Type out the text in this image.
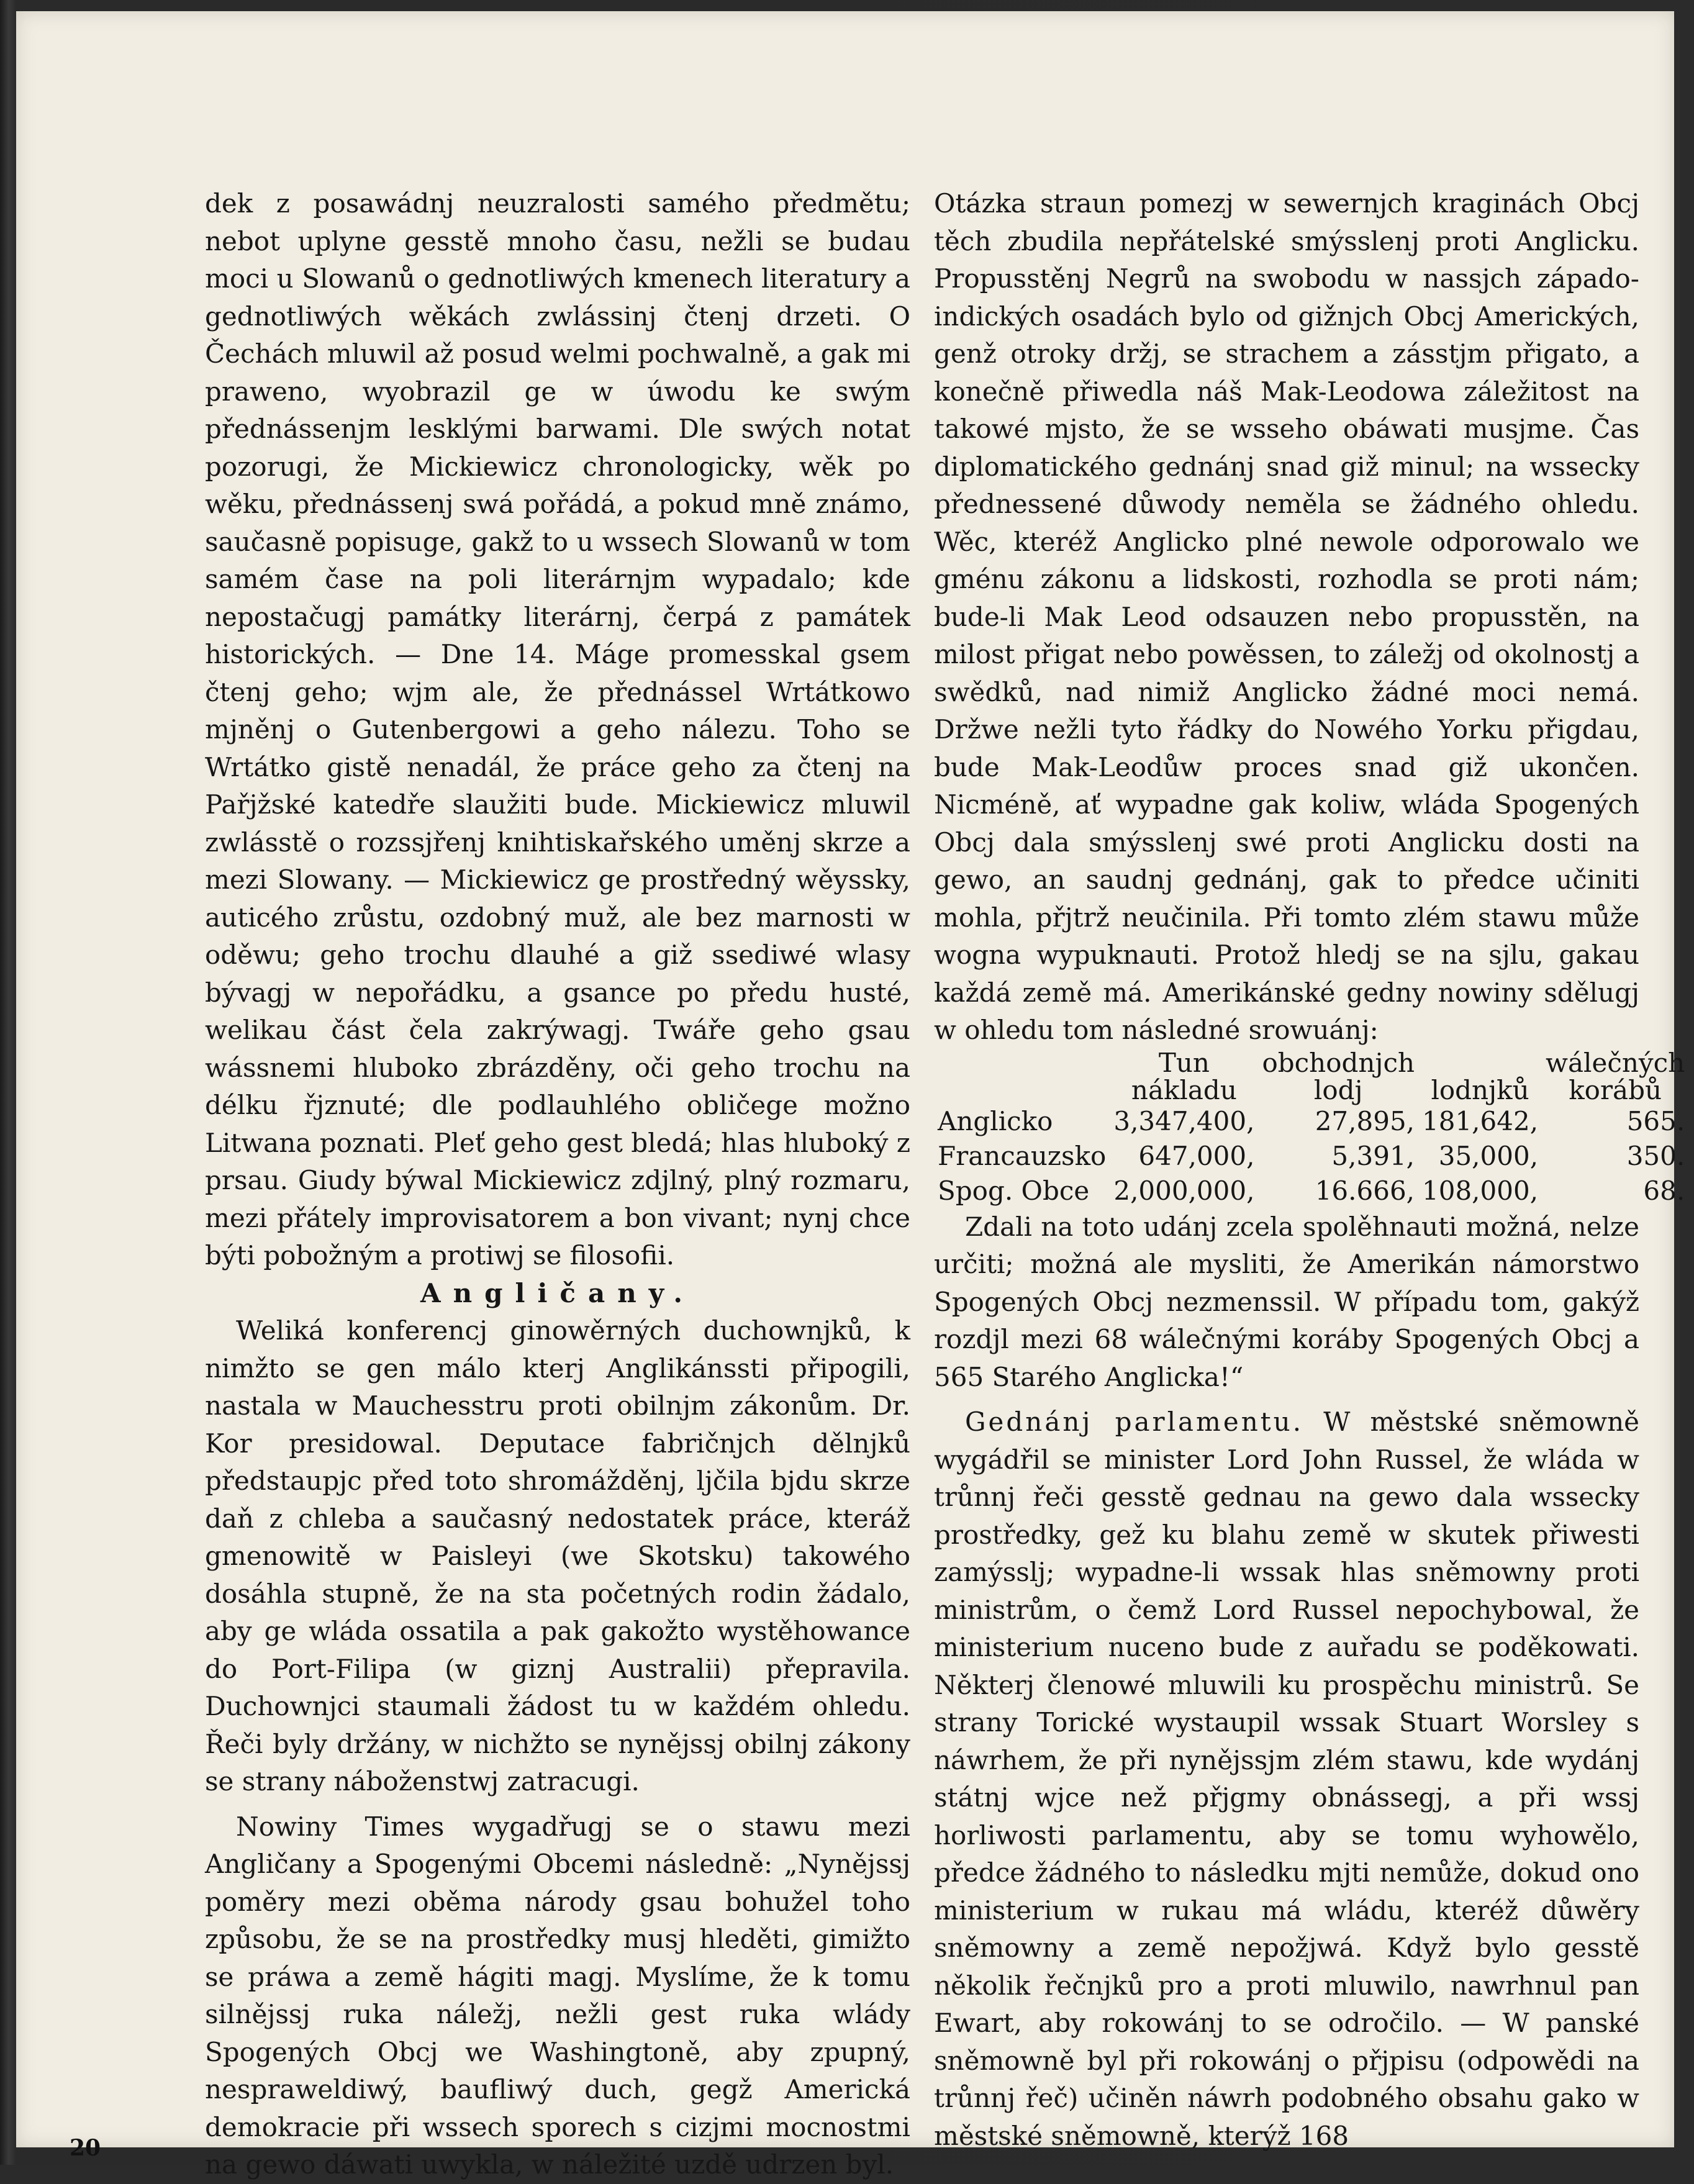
dek z posawádnj neuzralosti samého předmětu; nebot uplyne gesstě mnoho času, nežli se budau moci u Slowanů o gednotliwých kmenech literatury a gednotliwých wěkách zwlássinj čtenj drzeti. O Čechách mluwil až posud welmi pochwalně, a gak mi praweno, wyobrazil ge w úwodu ke swým přednássenjm lesklými barwami. Dle swých notat pozorugi, že Mickiewicz chronologicky, wěk po wěku, přednássenj swá pořádá, a pokud mně známo, saučasně popisuge, gakž to u wssech Slowanů w tom samém čase na poli literárnjm wypadalo; kde nepostačugj památky literárnj, čerpá z památek historických. — Dne 14. Máge promesskal gsem čtenj geho; wjm ale, že přednássel Wrtátkowo mjněnj o Gutenbergowi a geho nálezu. Toho se Wrtátko gistě nenadál, že práce geho za čtenj na Pařjžské katedře slaužiti bude. Mickiewicz mluwil zwlásstě o rozssjřenj knihtiskařského uměnj skrze a mezi Slowany. — Mickiewicz ge prostředný wěyssky, auticého zrůstu, ozdobný muž, ale bez marnosti w oděwu; geho trochu dlauhé a giž ssediwé wlasy bývagj w nepořádku, a gsance po předu husté, welikau část čela zakrýwagj. Twáře geho gsau wássnemi hluboko zbrázděny, oči geho trochu na délku řjznuté; dle podlauhlého obličege možno Litwana poznati. Pleť geho gest bledá; hlas hluboký z prsau. Giudy býwal Mickiewicz zdjlný, plný rozmaru, mezi přátely improvisatorem a bon vivant; nynj chce býti pobožným a protiwj se filosofii.

Angličany.

Weliká konferencj ginowěrných duchownjků, k nimžto se gen málo kterj Anglikánssti připogili, nastala w Mauchesstru proti obilnjm zákonům. Dr. Kor presidowal. Deputace fabričnjch dělnjků předstaupjc před toto shromážděnj, ljčila bjdu skrze daň z chleba a saučasný nedostatek práce, kteráž gmenowitě w Paisleyi (we Skotsku) takowého dosáhla stupně, že na sta početných rodin žádalo, aby ge wláda ossatila a pak gakožto wystěhowance do Port-Filipa (w giznj Australii) přepravila. Duchownjci staumali žádost tu w každém ohledu. Řeči byly držány, w nichžto se nynějssj obilnj zákony se strany náboženstwj zatracugi.

Nowiny Times wygadřugj se o stawu mezi Angličany a Spogenými Obcemi následně: „Nynějssj poměry mezi oběma národy gsau bohužel toho způsobu, že se na prostředky musj hleděti, gimižto se práwa a země hágiti magj. Myslíme, že k tomu silnějssj ruka náležj, nežli gest ruka wlády Spogených Obcj we Washingtoně, aby zpupný, nespraweldiwý, baufliwý duch, gegž Americká demokracie při wssech sporech s cizjmi mocnostmi na gewo dáwati uwykla, w náležité uzdě udrzen byl.

Otázka straun pomezj w sewernjch kraginách Obcj těch zbudila nepřátelské smýsslenj proti Anglicku. Propusstěnj Negrů na swobodu w nassjch západo-indických osadách bylo od gižnjch Obcj Amerických, genž otroky držj, se strachem a zásstjm přigato, a konečně přiwedla náš Mak-Leodowa záležitost na takowé mjsto, že se wsseho obáwati musjme. Čas diplomatického gednánj snad giž minul; na wssecky přednessené důwody neměla se žádného ohledu. Wěc, kteréž Anglicko plné newole odporowalo we gménu zákonu a lidskosti, rozhodla se proti nám; bude-li Mak Leod odsauzen nebo propusstěn, na milost přigat nebo powěssen, to záležj od okolnostj a swědků, nad nimiž Anglicko žádné moci nemá. Držwe nežli tyto řádky do Nowého Yorku přigdau, bude Mak-Leodůw proces snad giž ukončen. Nicméně, ať wypadne gak koliw, wláda Spogených Obcj dala smýsslenj swé proti Anglicku dosti na gewo, an saudnj gednánj, gak to předce učiniti mohla, přjtrž neučinila. Při tomto zlém stawu může wogna wypuknauti. Protož hledj se na sjlu, gakau každá země má. Amerikánské gedny nowiny sdělugj w ohledu tom následné srowuánj:

	Tun nákladu	obchodnjch lodj	lodnjků	wálečných korábů
Anglicko	3,347,400,	27,895,	181,642,	565.
Francauzsko	647,000,	5,391,	35,000,	350.
Spog. Obce	2,000,000,	16.666,	108,000,	68.

Zdali na toto udánj zcela spolěhnauti možná, nelze určiti; možná ale mysliti, že Amerikán námorstwo Spogených Obcj nezmenssil. W případu tom, gakýž rozdjl mezi 68 wálečnými koráby Spogených Obcj a 565 Starého Anglicka!“

Gednánj parlamentu. W městské sněmowně wygádřil se minister Lord John Russel, že wláda w trůnnj řeči gesstě gednau na gewo dala wssecky prostředky, gež ku blahu země w skutek přiwesti zamýsslj; wypadne-li wssak hlas sněmowny proti ministrům, o čemž Lord Russel nepochybowal, že ministerium nuceno bude z auřadu se poděkowati. Některj členowé mluwili ku prospěchu ministrů. Se strany Torické wystaupil wssak Stuart Worsley s náwrhem, že při nynějssjm zlém stawu, kde wydánj státnj wjce než přjgmy obnássegj, a při wssj horliwosti parlamentu, aby se tomu wyhowělo, předce žádného to následku mjti nemůže, dokud ono ministerium w rukau má wládu, kteréž důwěry sněmowny a země nepožjwá. Když bylo gesstě několik řečnjků pro a proti mluwilo, nawrhnul pan Ewart, aby rokowánj to se odročilo. — W panské sněmowně byl při rokowánj o přjpisu (odpowědi na trůnnj řeč) učiněn náwrh podobného obsahu gako w městské sněmowně, kterýž 168

20
